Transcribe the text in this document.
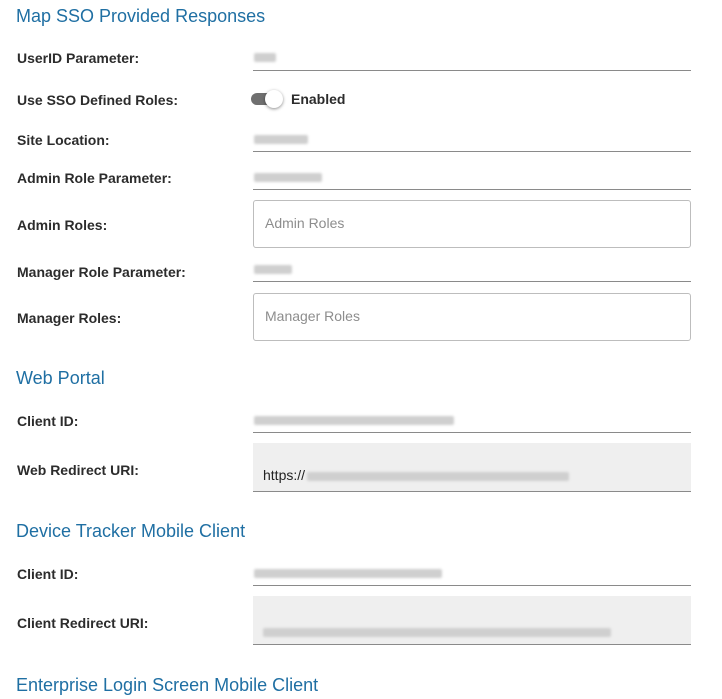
Map SSO Provided Responses
UserID Parameter:
Use SSO Defined Roles:	Enabled
Site Location:
Admin Role Parameter:
Admin Roles:
Admin Roles
Manager Role Parameter:
Manager Roles:
Manager Roles
Web Portal
Client ID:
Web Redirect URI:	https://
Device Tracker Mobile Client
Client ID:
Client Redirect URI:
Enterprise Login Screen Mobile Client
